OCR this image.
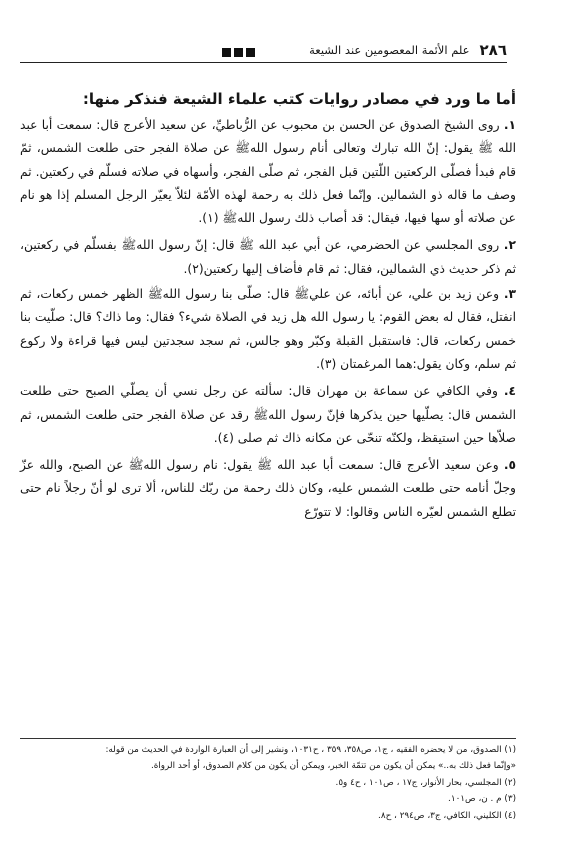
٢٨٦
علم الأئمة المعصومين عند الشيعة

أما ما ورد في مصادر روايات كتب علماء الشيعة فنذكر منها:

١. روى الشيخ الصدوق عن الحسن بن محبوب عن الرُّباطيِّ، عن سعيد الأعرج قال: سمعت أبا عبد الله ﷺ يقول: إنّ الله تبارك وتعالى أنام رسول اللهﷺ عن صلاة الفجر حتى طلعت الشمس، ثمّ قام فبدأ فصلّى الركعتين اللّتين قبل الفجر، ثم صلّى الفجر، وأسهاه في صلاته فسلّم في ركعتين. ثم وصف ما قاله ذو الشمالين. وإنّما فعل ذلك به رحمة لهذه الأمّة لئلاّ يعيّر الرجل المسلم إذا هو نام عن صلاته أو سها فيها، فيقال: قد أصاب ذلك رسول اللهﷺ (١).

٢. روى المجلسي عن الحضرمي، عن أبي عبد الله ﷺ قال: إنّ رسول اللهﷺ بفسلّم في ركعتين، ثم ذكر حديث ذي الشمالين، فقال: ثم قام فأضاف إليها ركعتين(٢).

٣. وعن زيد بن علي، عن أبائه، عن عليﷺ قال: صلّى بنا رسول اللهﷺ الظهر خمس ركعات، ثم انفتل، فقال له بعض القوم: يا رسول الله هل زيد في الصلاة شيء؟ فقال: وما ذاك؟ قال: صلّيت بنا خمس ركعات، قال: فاستقبل القبلة وكبّر وهو جالس، ثم سجد سجدتين ليس فيها قراءة ولا ركوع ثم سلم، وكان يقول:هما المرغمتان (٣).

٤. وفي الكافي عن سماعة بن مهران قال: سألته عن رجل نسي أن يصلّي الصبح حتى طلعت الشمس قال: يصلّيها حين يذكرها فإنّ رسول اللهﷺ رقد عن صلاة الفجر حتى طلعت الشمس، ثم صلاّها حين استيقظ، ولكنّه تنحّى عن مكانه ذاك ثم صلى (٤).

٥. وعن سعيد الأعرج قال: سمعت أبا عبد الله ﷺ يقول: نام رسول اللهﷺ عن الصبح، والله عزّ وجلّ أنامه حتى طلعت الشمس عليه، وكان ذلك رحمة من ربّك للناس، ألا ترى لو أنّ رجلاً نام حتى تطلع الشمس لعيّره الناس وقالوا: لا تتورّع

(١) الصدوق، من لا يحضره الفقيه ، ج١، ص٣٥٨، ٣٥٩ ، ح١٠٣١، ونشير إلى أن العبارة الواردة في الحديث من قوله:

«وإنّما فعل ذلك به..» يمكن أن يكون من تتمّة الخبر، ويمكن أن يكون من كلام الصدوق، أو أحد الرواة.

(٢) المجلسي، بحار الأنوار، ج١٧ ، ص١٠١ ، ح٤ و٥.

(٣) م . ن، ص١٠١.

(٤) الكليني، الكافي، ج٣، ص٢٩٤ ، ح٨.
